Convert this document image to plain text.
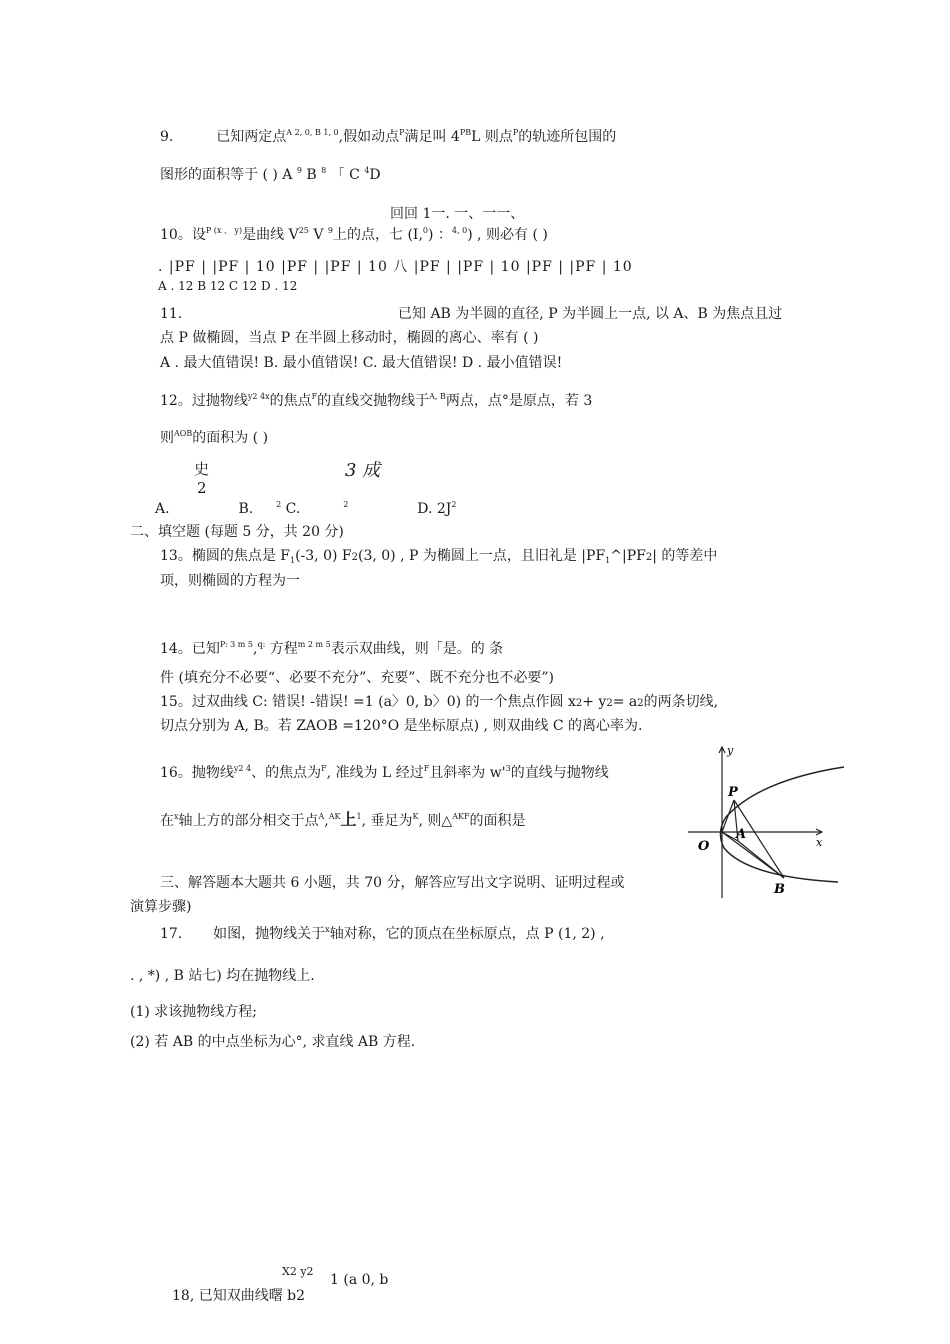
9.	已知两定点$^{A 2, 0, B 1, 0}$,假如动点$^P$满足叫 $4^{PB}L$ 则点$^P$的轨迹所包围的
图形的面积等于 ( ) A $^9$ B $^8$ 「 C $^4$D
回回 1一. 一、一一、
10。设$^{P (x 、 y)}$是曲线 $V^{25}$ V $^9$上的点，七 (I,$^0$) ：$^{4, 0}$) , 则必有 ( )
. |PF | |PF | 10 |PF | |PF | 10 八 |PF | |PF | 10 |PF | |PF | 10
A . 12 B 12 C 12 D . 12
11.	已知 AB 为半圆的直径, P 为半圆上一点, 以 A、B 为焦点且过
点 P 做椭圆，当点 P 在半圆上移动时，椭圆的离心、率有 ( )
A . 最大值错误! B. 最小值错误! C. 最大值错误! D . 最小值错误!
12。过抛物线$^{y2 4x}$的焦点$^F$的直线交抛物线于$^{A, B}$两点，点°是原点，若 3
则$^{AOB}$的面积为 ( )
史
2
3 成
A.	B.	$^2$ C.	$^2$	D. $2J^2$
二、填空题 (每题 5 分，共 20 分)
13。椭圆的焦点是 $F_1(-3$, 0) F2(3, 0) , P 为椭圆上一点，且旧礼是 $|PF_1\^{}|PF2|$ 的等差中
项，则椭圆的方程为一
14。已知$^{P: 3 m 5}$,$^{q:}$ 方程$^{m 2 m 5}$表示双曲线，则「是。的 条
件 (填充分不必要“、必要不充分”、充要”、既不充分也不必要”)
15。过双曲线 C: 错误! -错误! =1 (a〉0, b〉0) 的一个焦点作圆 x2+ y2= a2的两条切线,
切点分别为 A, B。若 ZAOB =120°O 是坐标原点) , 则双曲线 C 的离心率为.
16。抛物线$^{y2 4}$、的焦点为$^F$, 准线为 L 经过$^F$且斜率为 $w'^3$的直线与抛物线
在$^x$轴上方的部分相交于点$^A$,$^{AK}$上$^1$, 垂足为$^K$, 则△$^{AKF}$的面积是
y
x
O
P
A
B
三、解答题本大题共 6 小题，共 70 分，解答应写出文字说明、证明过程或
演算步骤)
17. 如图，抛物线关于$^x$轴对称，它的顶点在坐标原点，点 P (1, 2) ,
. , *) , B 站七) 均在抛物线上.
(1) 求该抛物线方程;
(2) 若 AB 的中点坐标为心°, 求直线 AB 方程.
X2 y2
1 (a 0, b
18, 已知双曲线曙 b2
